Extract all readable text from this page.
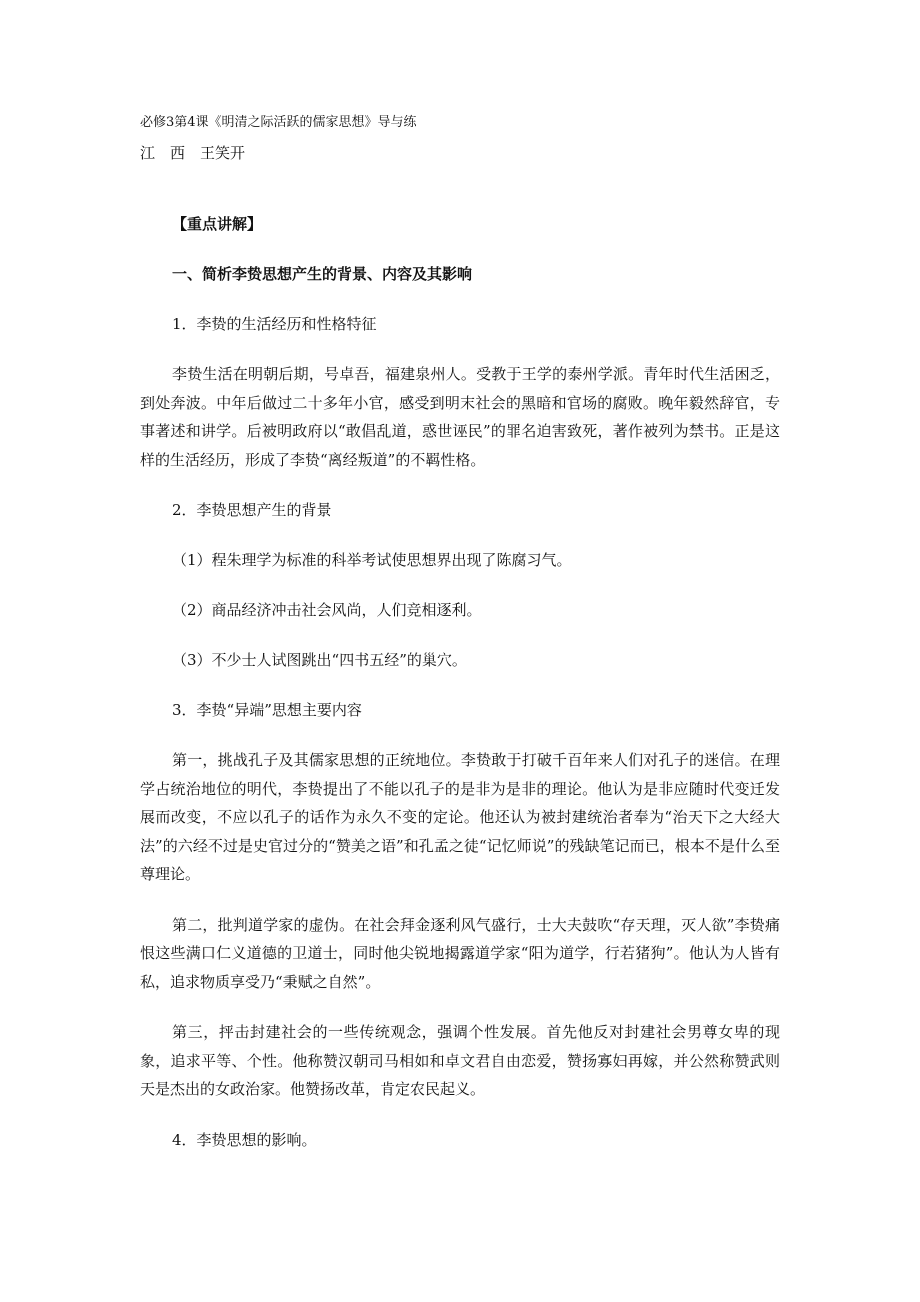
必修3第4课《明清之际活跃的儒家思想》导与练
江　西　王笑开
【重点讲解】
一、简析李贽思想产生的背景、内容及其影响
1．李贽的生活经历和性格特征

李贽生活在明朝后期，号卓吾，福建泉州人。受教于王学的泰州学派。青年时代生活困乏，到处奔波。中年后做过二十多年小官，感受到明末社会的黑暗和官场的腐败。晚年毅然辞官，专事著述和讲学。后被明政府以“敢倡乱道，惑世诬民”的罪名迫害致死，著作被列为禁书。正是这样的生活经历，形成了李贽“离经叛道”的不羁性格。

2．李贽思想产生的背景
（1）程朱理学为标准的科举考试使思想界出现了陈腐习气。
（2）商品经济冲击社会风尚，人们竞相逐利。
（3）不少士人试图跳出“四书五经”的巢穴。
3．李贽“异端”思想主要内容

第一，挑战孔子及其儒家思想的正统地位。李贽敢于打破千百年来人们对孔子的迷信。在理学占统治地位的明代，李贽提出了不能以孔子的是非为是非的理论。他认为是非应随时代变迁发展而改变，不应以孔子的话作为永久不变的定论。他还认为被封建统治者奉为“治天下之大经大法”的六经不过是史官过分的“赞美之语”和孔孟之徒“记忆师说”的残缺笔记而已，根本不是什么至尊理论。

第二，批判道学家的虚伪。在社会拜金逐利风气盛行，士大夫鼓吹“存天理，灭人欲”李贽痛恨这些满口仁义道德的卫道士，同时他尖锐地揭露道学家“阳为道学，行若猪狗”。他认为人皆有私，追求物质享受乃“秉赋之自然”。

第三，抨击封建社会的一些传统观念，强调个性发展。首先他反对封建社会男尊女卑的现象，追求平等、个性。他称赞汉朝司马相如和卓文君自由恋爱，赞扬寡妇再嫁，并公然称赞武则天是杰出的女政治家。他赞扬改革，肯定农民起义。

4．李贽思想的影响。
